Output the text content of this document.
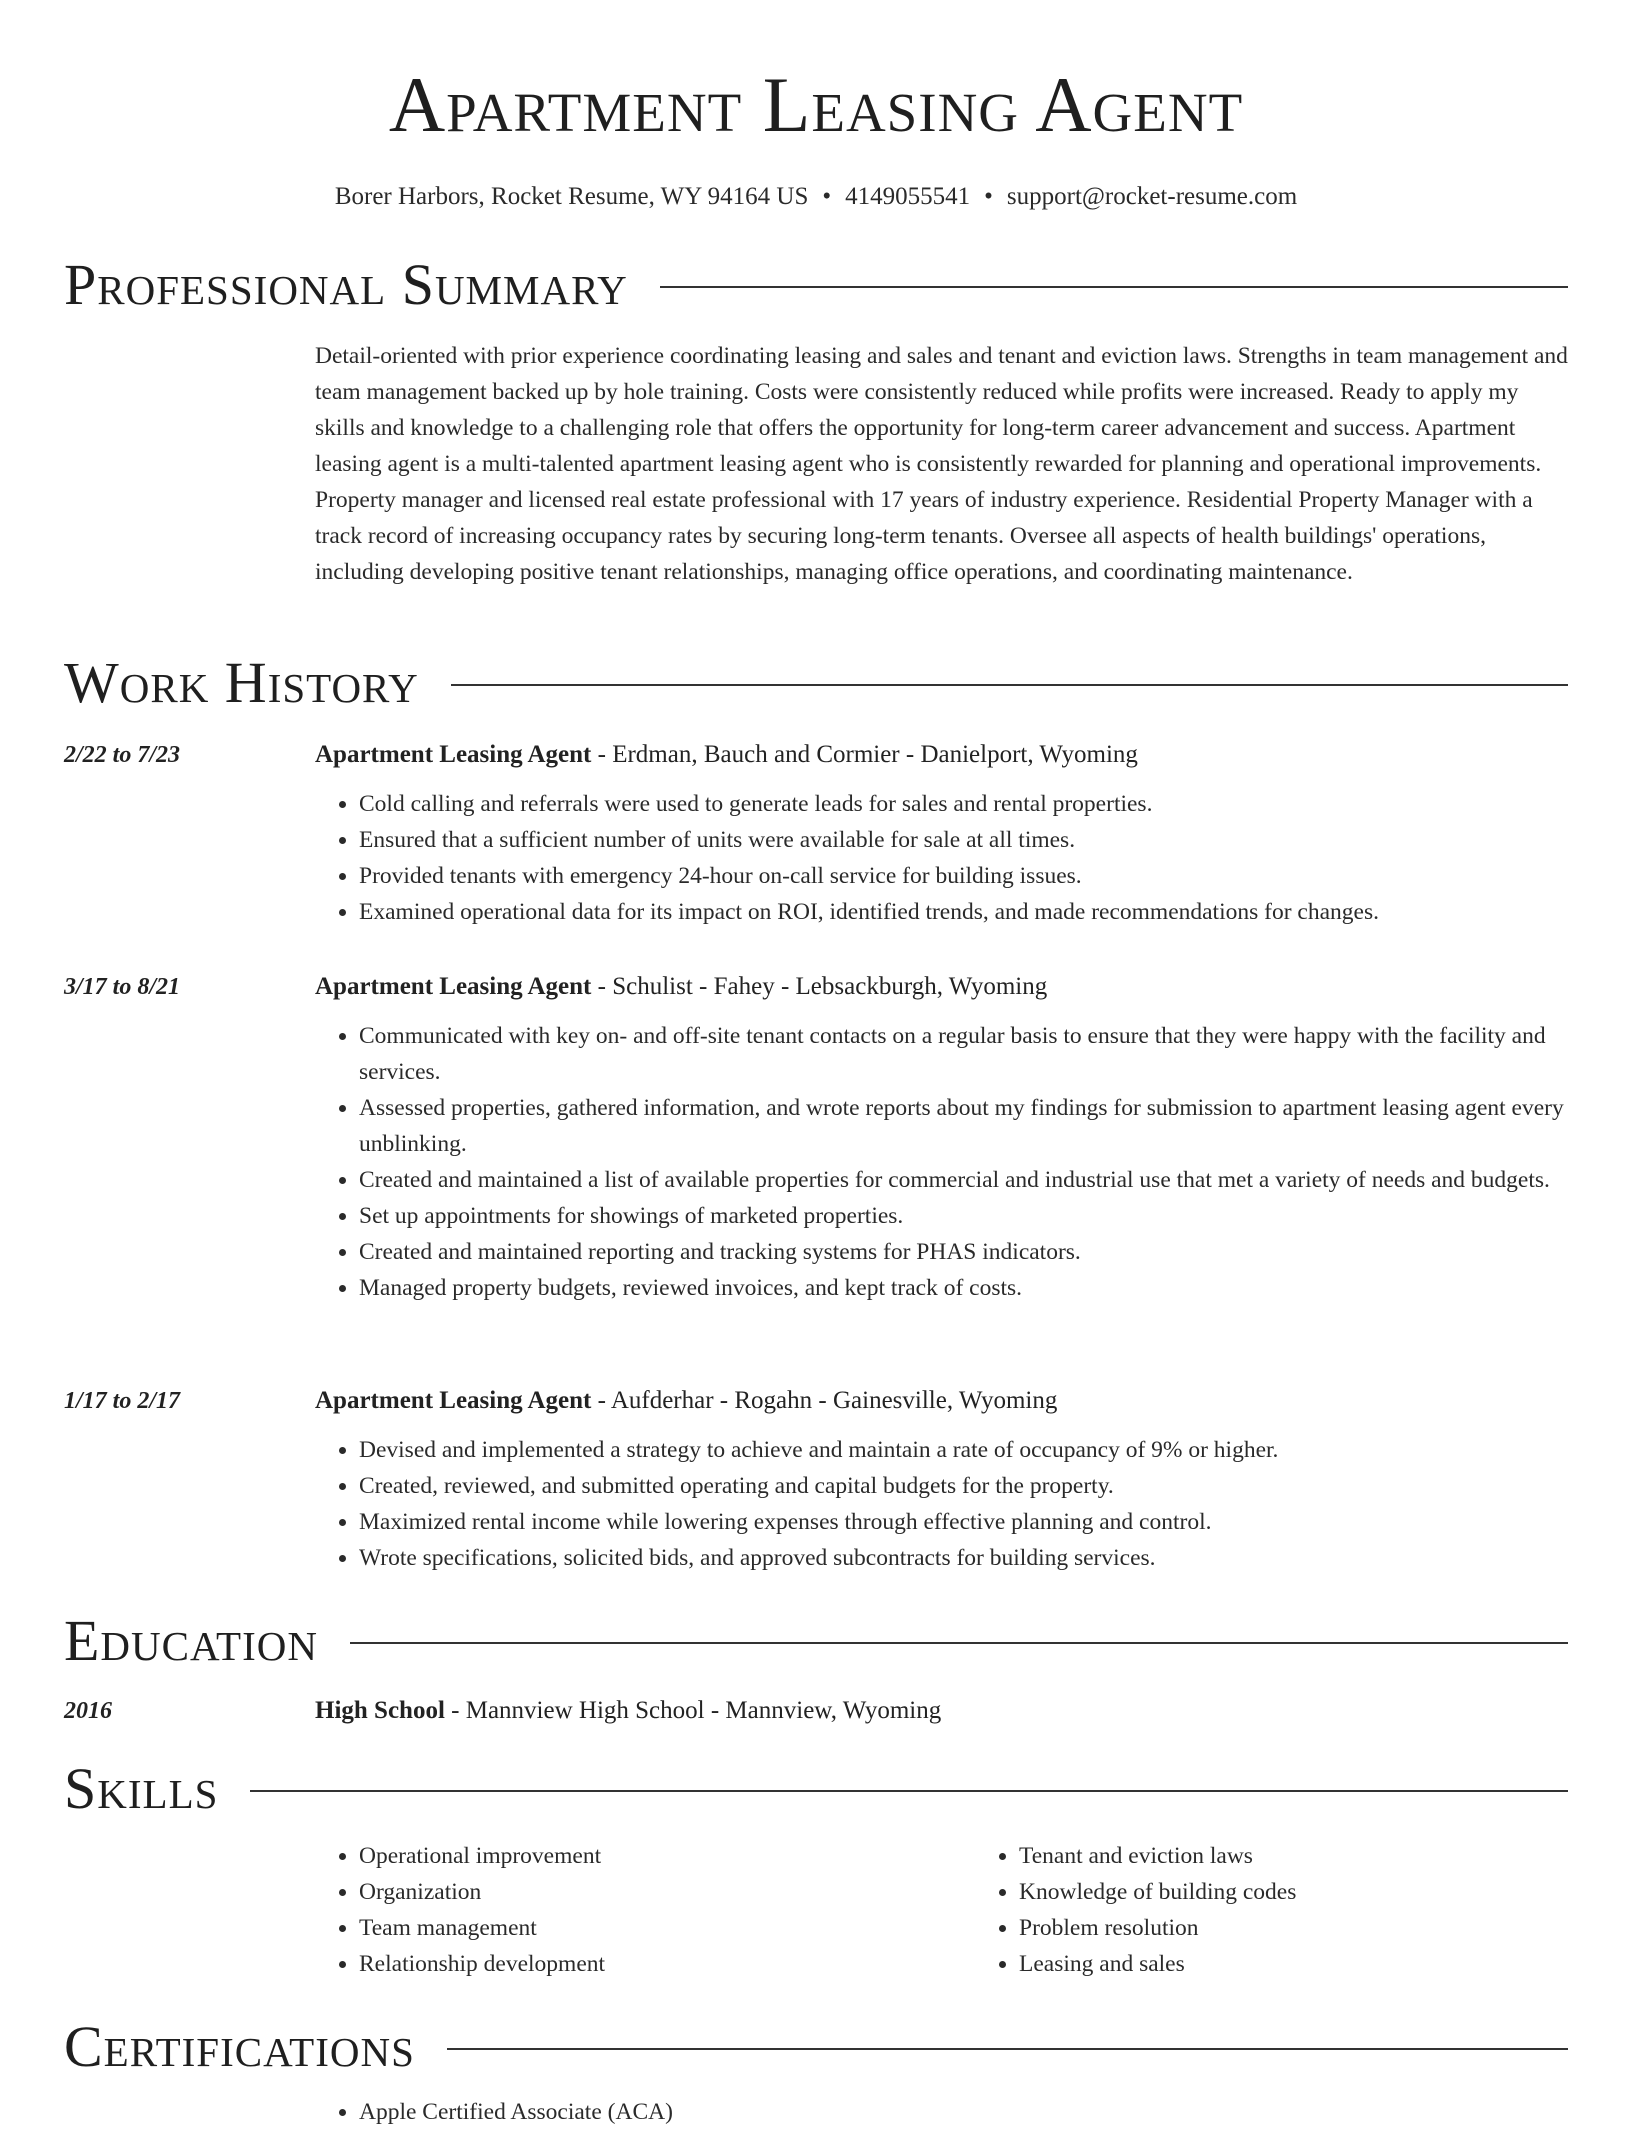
Apartment Leasing Agent
Borer Harbors, Rocket Resume, WY 94164 US • 4149055541 • support@rocket-resume.com
Professional Summary
Detail-oriented with prior experience coordinating leasing and sales and tenant and eviction laws. Strengths in team management and team management backed up by hole training. Costs were consistently reduced while profits were increased. Ready to apply my skills and knowledge to a challenging role that offers the opportunity for long-term career advancement and success. Apartment leasing agent is a multi-talented apartment leasing agent who is consistently rewarded for planning and operational improvements. Property manager and licensed real estate professional with 17 years of industry experience. Residential Property Manager with a track record of increasing occupancy rates by securing long-term tenants. Oversee all aspects of health buildings' operations, including developing positive tenant relationships, managing office operations, and coordinating maintenance.
Work History
2/22 to 7/23	Apartment Leasing Agent - Erdman, Bauch and Cormier - Danielport, Wyoming
• Cold calling and referrals were used to generate leads for sales and rental properties.
• Ensured that a sufficient number of units were available for sale at all times.
• Provided tenants with emergency 24-hour on-call service for building issues.
• Examined operational data for its impact on ROI, identified trends, and made recommendations for changes.
3/17 to 8/21	Apartment Leasing Agent - Schulist - Fahey - Lebsackburgh, Wyoming
• Communicated with key on- and off-site tenant contacts on a regular basis to ensure that they were happy with the facility and services.
• Assessed properties, gathered information, and wrote reports about my findings for submission to apartment leasing agent every unblinking.
• Created and maintained a list of available properties for commercial and industrial use that met a variety of needs and budgets.
• Set up appointments for showings of marketed properties.
• Created and maintained reporting and tracking systems for PHAS indicators.
• Managed property budgets, reviewed invoices, and kept track of costs.
1/17 to 2/17	Apartment Leasing Agent - Aufderhar - Rogahn - Gainesville, Wyoming
• Devised and implemented a strategy to achieve and maintain a rate of occupancy of 9% or higher.
• Created, reviewed, and submitted operating and capital budgets for the property.
• Maximized rental income while lowering expenses through effective planning and control.
• Wrote specifications, solicited bids, and approved subcontracts for building services.
Education
2016	High School - Mannview High School - Mannview, Wyoming
Skills
• Operational improvement
• Organization
• Team management
• Relationship development
• Tenant and eviction laws
• Knowledge of building codes
• Problem resolution
• Leasing and sales
Certifications
• Apple Certified Associate (ACA)
